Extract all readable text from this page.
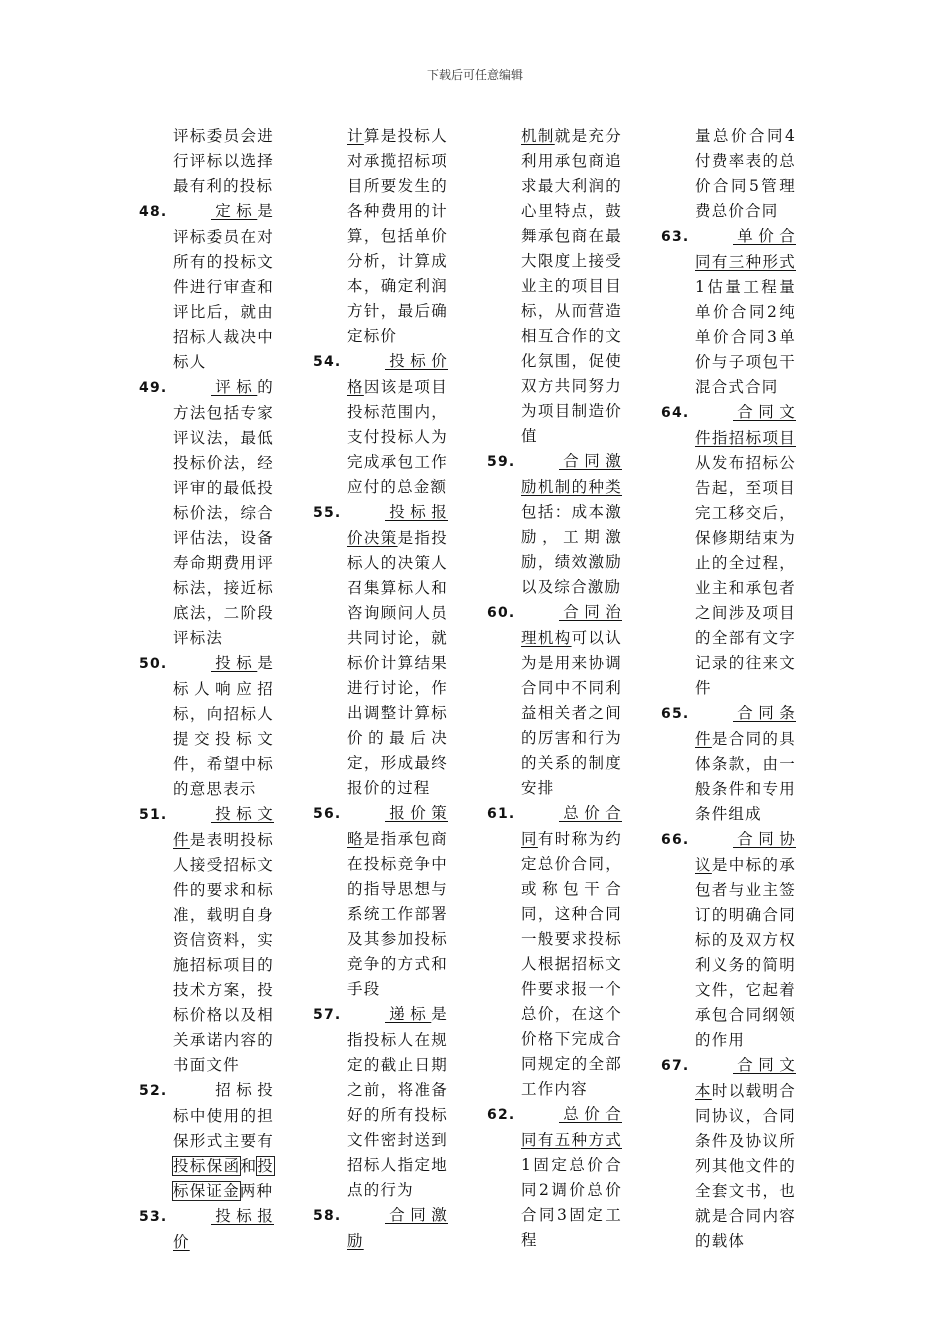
下载后可任意编辑
评标委员会进行评标以选择最有利的投标
48.	定标是评标委员在对所有的投标文件进行审查和评比后，就由招标人裁决中标人
49.	评标的方法包括专家评议法，最低投标价法，经评审的最低投标价法，综合评估法，设备寿命期费用评标法，接近标底法，二阶段评标法
50.	投标是标人响应招标，向招标人提交投标文件，希望中标的意思表示
51.	投标文件是表明投标人接受招标文件的要求和标准，载明自身资信资料，实施招标项目的技术方案，投标价格以及相关承诺内容的书面文件
52.	招标投标中使用的担保形式主要有投标保函和投标保证金两种
53.	投标报价
计算是投标人对承揽招标项目所要发生的各种费用的计算，包括单价分析，计算成本，确定利润方针，最后确定标价
54.	投标价格因该是项目投标范围内，支付投标人为完成承包工作应付的总金额
55.	投标报价决策是指投标人的决策人召集算标人和咨询顾问人员共同讨论，就标价计算结果进行讨论，作出调整计算标价的最后决定，形成最终报价的过程
56.	报价策略是指承包商在投标竞争中的指导思想与系统工作部署及其参加投标竞争的方式和手段
57.	递标是指投标人在规定的截止日期之前，将准备好的所有投标文件密封送到招标人指定地点的行为
58.	合同激励
机制就是充分利用承包商追求最大利润的心里特点，鼓舞承包商在最大限度上接受业主的项目目标，从而营造相互合作的文化氛围，促使双方共同努力为项目制造价值
59.	合同激励机制的种类包括：成本激励，工期激励，绩效激励以及综合激励
60.	合同治理机构可以认为是用来协调合同中不同利益相关者之间的厉害和行为的关系的制度安排
61.	总价合同有时称为约定总价合同，或称包干合同，这种合同一般要求投标人根据招标文件要求报一个总价，在这个价格下完成合同规定的全部工作内容
62.	总价合同有五种方式1固定总价合同2调价总价合同3固定工程
量总价合同4付费率表的总价合同5管理费总价合同
63.	单价合同有三种形式1估量工程量单价合同2纯单价合同3单价与子项包干混合式合同
64.	合同文件指招标项目从发布招标公告起，至项目完工移交后，保修期结束为止的全过程，业主和承包者之间涉及项目的全部有文字记录的往来文件
65.	合同条件是合同的具体条款，由一般条件和专用条件组成
66.	合同协议是中标的承包者与业主签订的明确合同标的及双方权利义务的简明文件，它起着承包合同纲领的作用
67.	合同文本时以载明合同协议，合同条件及协议所列其他文件的全套文书，也就是合同内容的载体
